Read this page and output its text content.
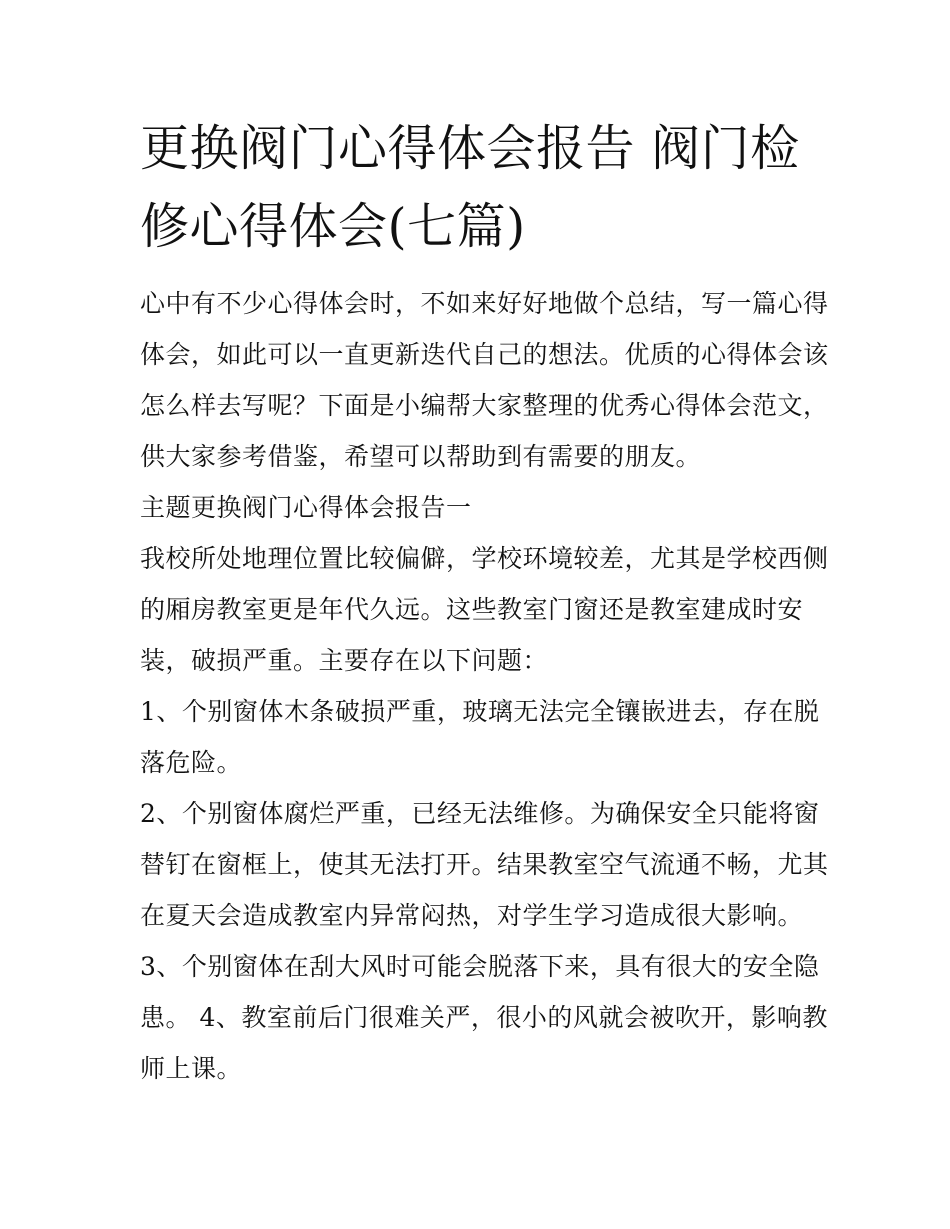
更换阀门心得体会报告 阀门检修心得体会(七篇)

心中有不少心得体会时，不如来好好地做个总结，写一篇心得体会，如此可以一直更新迭代自己的想法。优质的心得体会该怎么样去写呢？下面是小编帮大家整理的优秀心得体会范文，供大家参考借鉴，希望可以帮助到有需要的朋友。

主题更换阀门心得体会报告一

我校所处地理位置比较偏僻，学校环境较差，尤其是学校西侧的厢房教室更是年代久远。这些教室门窗还是教室建成时安装，破损严重。主要存在以下问题：

1、个别窗体木条破损严重，玻璃无法完全镶嵌进去，存在脱落危险。

2、个别窗体腐烂严重，已经无法维修。为确保安全只能将窗替钉在窗框上，使其无法打开。结果教室空气流通不畅，尤其在夏天会造成教室内异常闷热，对学生学习造成很大影响。

3、个别窗体在刮大风时可能会脱落下来，具有很大的安全隐患。 4、教室前后门很难关严，很小的风就会被吹开，影响教师上课。
